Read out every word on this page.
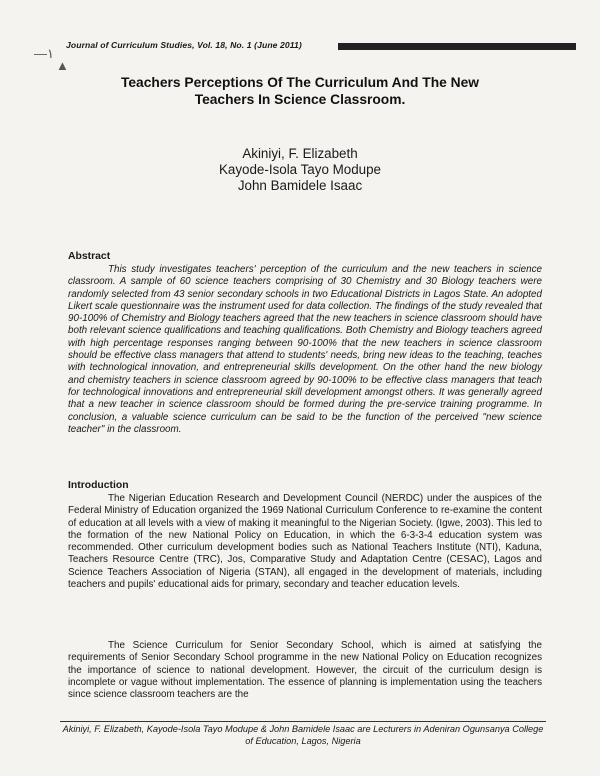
—١
▲
Journal of Curriculum Studies, Vol. 18, No. 1 (June 2011)
Teachers Perceptions Of The Curriculum And The New
Teachers In Science Classroom.
Akiniyi, F. Elizabeth
Kayode-Isola Tayo Modupe
John Bamidele Isaac
Abstract

This study investigates teachers' perception of the curriculum and the new teachers in science classroom. A sample of 60 science teachers comprising of 30 Chemistry and 30 Biology teachers were randomly selected from 43 senior secondary schools in two Educational Districts in Lagos State. An adopted Likert scale questionnaire was the instrument used for data collection. The findings of the study revealed that 90-100% of Chemistry and Biology teachers agreed that the new teachers in science classroom should have both relevant science qualifications and teaching qualifications. Both Chemistry and Biology teachers agreed with high percentage responses ranging between 90-100% that the new teachers in science classroom should be effective class managers that attend to students' needs, bring new ideas to the teaching, teaches with technological innovation, and entrepreneurial skills development. On the other hand the new biology and chemistry teachers in science classroom agreed by 90-100% to be effective class managers that teach for technological innovations and entrepreneurial skill development amongst others. It was generally agreed that a new teacher in science classroom should be formed during the pre-service training programme. In conclusion, a valuable science curriculum can be said to be the function of the perceived "new science teacher" in the classroom.

Introduction

The Nigerian Education Research and Development Council (NERDC) under the auspices of the Federal Ministry of Education organized the 1969 National Curriculum Conference to re-examine the content of education at all levels with a view of making it meaningful to the Nigerian Society. (Igwe, 2003). This led to the formation of the new National Policy on Education, in which the 6-3-3-4 education system was recommended. Other curriculum development bodies such as National Teachers Institute (NTI), Kaduna, Teachers Resource Centre (TRC), Jos, Comparative Study and Adaptation Centre (CESAC), Lagos and Science Teachers Association of Nigeria (STAN), all engaged in the development of materials, including teachers and pupils' educational aids for primary, secondary and teacher education levels.

The Science Curriculum for Senior Secondary School, which is aimed at satisfying the requirements of Senior Secondary School programme in the new National Policy on Education recognizes the importance of science to national development. However, the circuit of the curriculum design is incomplete or vague without implementation. The essence of planning is implementation using the teachers since science classroom teachers are the

Akiniyi, F. Elizabeth, Kayode-Isola Tayo Modupe & John Bamidele Isaac are Lecturers in Adeniran Ogunsanya College of Education, Lagos, Nigeria
